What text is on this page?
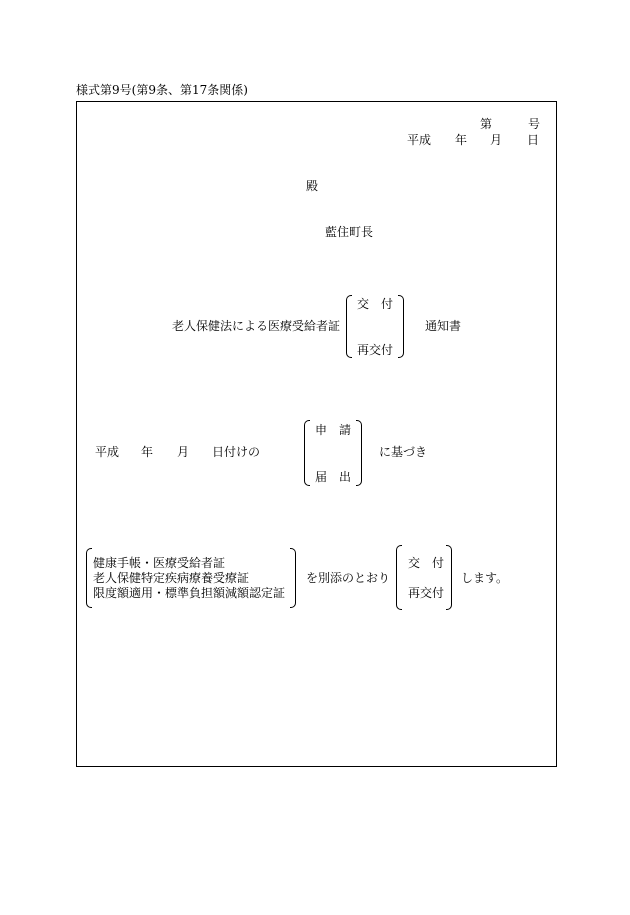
様式第9号(第9条、第17条関係)
第	号
平成 年 月 日
殿
藍住町長
老人保健法による医療受給者証
交　付
再交付
通知書
平成 年 月 日付けの
申　請
届　出
に基づき
健康手帳・医療受給者証
老人保健特定疾病療養受療証
限度額適用・標準負担額減額認定証
を別添のとおり
交　付
再交付
します。
